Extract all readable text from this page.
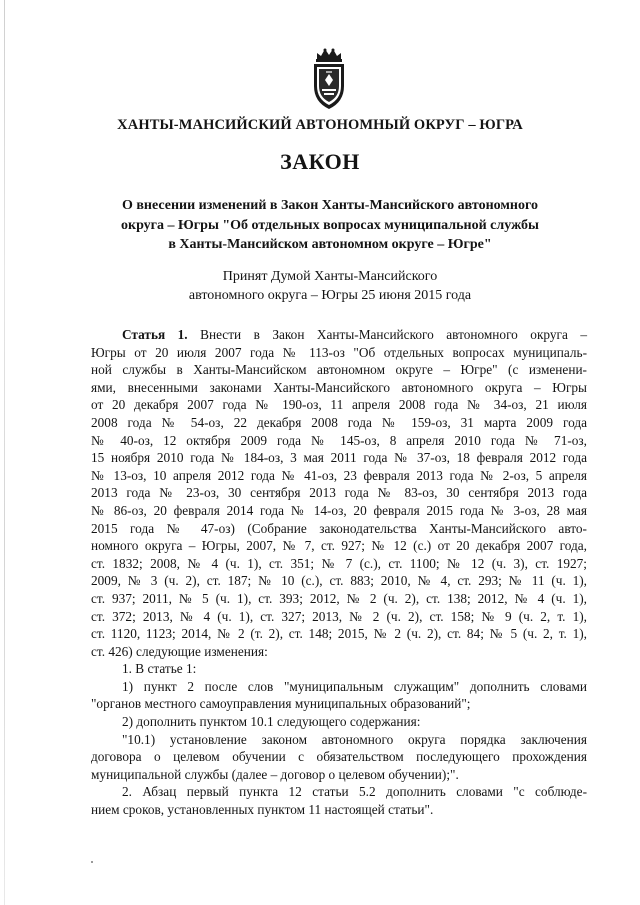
ХАНТЫ-МАНСИЙСКИЙ АВТОНОМНЫЙ ОКРУГ – ЮГРА
ЗАКОН
О внесении изменений в Закон Ханты-Мансийского автономного
округа – Югры "Об отдельных вопросах муниципальной службы
в Ханты-Мансийском автономном округе – Югре"
Принят Думой Ханты-Мансийского
автономного округа – Югры 25 июня 2015 года
Статья 1. Внести в Закон Ханты-Мансийского автономного округа –
Югры от 20 июля 2007 года № 113-оз "Об отдельных вопросах муниципаль-
ной службы в Ханты-Мансийском автономном округе – Югре" (с изменени-
ями, внесенными законами Ханты-Мансийского автономного округа – Югры
от 20 декабря 2007 года № 190-оз, 11 апреля 2008 года № 34-оз, 21 июля
2008 года № 54-оз, 22 декабря 2008 года № 159-оз, 31 марта 2009 года
№ 40-оз, 12 октября 2009 года № 145-оз, 8 апреля 2010 года № 71-оз,
15 ноября 2010 года № 184-оз, 3 мая 2011 года № 37-оз, 18 февраля 2012 года
№ 13-оз, 10 апреля 2012 года № 41-оз, 23 февраля 2013 года № 2-оз, 5 апреля
2013 года № 23-оз, 30 сентября 2013 года № 83-оз, 30 сентября 2013 года
№ 86-оз, 20 февраля 2014 года № 14-оз, 20 февраля 2015 года № 3-оз, 28 мая
2015 года № 47-оз) (Собрание законодательства Ханты-Мансийского авто-
номного округа – Югры, 2007, № 7, ст. 927; № 12 (с.) от 20 декабря 2007 года,
ст. 1832; 2008, № 4 (ч. 1), ст. 351; № 7 (с.), ст. 1100; № 12 (ч. 3), ст. 1927;
2009, № 3 (ч. 2), ст. 187; № 10 (с.), ст. 883; 2010, № 4, ст. 293; № 11 (ч. 1),
ст. 937; 2011, № 5 (ч. 1), ст. 393; 2012, № 2 (ч. 2), ст. 138; 2012, № 4 (ч. 1),
ст. 372; 2013, № 4 (ч. 1), ст. 327; 2013, № 2 (ч. 2), ст. 158; № 9 (ч. 2, т. 1),
ст. 1120, 1123; 2014, № 2 (т. 2), ст. 148; 2015, № 2 (ч. 2), ст. 84; № 5 (ч. 2, т. 1),
ст. 426) следующие изменения:
1. В статье 1:
1) пункт 2 после слов "муниципальным служащим" дополнить словами
"органов местного самоуправления муниципальных образований";
2) дополнить пунктом 10.1 следующего содержания:
"10.1) установление законом автономного округа порядка заключения
договора о целевом обучении с обязательством последующего прохождения
муниципальной службы (далее – договор о целевом обучении);".
2. Абзац первый пункта 12 статьи 5.2 дополнить словами "с соблюде-
нием сроков, установленных пунктом 11 настоящей статьи".
